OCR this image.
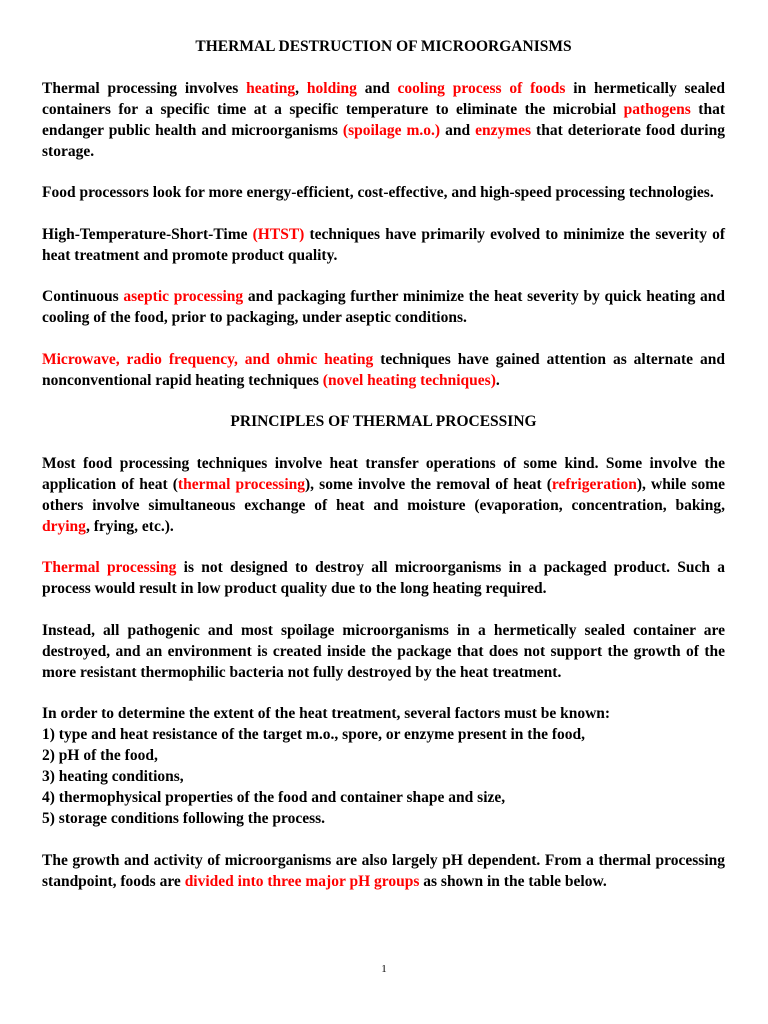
THERMAL DESTRUCTION OF MICROORGANISMS

Thermal processing involves heating, holding and cooling process of foods in hermetically sealed containers for a specific time at a specific temperature to eliminate the microbial pathogens that endanger public health and microorganisms (spoilage m.o.) and enzymes that deteriorate food during storage.

Food processors look for more energy-efficient, cost-effective, and high-speed processing technologies.

High-Temperature-Short-Time (HTST) techniques have primarily evolved to minimize the severity of heat treatment and promote product quality.

Continuous aseptic processing and packaging further minimize the heat severity by quick heating and cooling of the food, prior to packaging, under aseptic conditions.

Microwave, radio frequency, and ohmic heating techniques have gained attention as alternate and nonconventional rapid heating techniques (novel heating techniques).

PRINCIPLES OF THERMAL PROCESSING

Most food processing techniques involve heat transfer operations of some kind. Some involve the application of heat (thermal processing), some involve the removal of heat (refrigeration), while some others involve simultaneous exchange of heat and moisture (evaporation, concentration, baking, drying, frying, etc.).

Thermal processing is not designed to destroy all microorganisms in a packaged product. Such a process would result in low product quality due to the long heating required.

Instead, all pathogenic and most spoilage microorganisms in a hermetically sealed container are destroyed, and an environment is created inside the package that does not support the growth of the more resistant thermophilic bacteria not fully destroyed by the heat treatment.

In order to determine the extent of the heat treatment, several factors must be known:

1) type and heat resistance of the target m.o., spore, or enzyme present in the food,

2) pH of the food,

3) heating conditions,

4) thermophysical properties of the food and container shape and size,

5) storage conditions following the process.

The growth and activity of microorganisms are also largely pH dependent. From a thermal processing standpoint, foods are divided into three major pH groups as shown in the table below.

1
